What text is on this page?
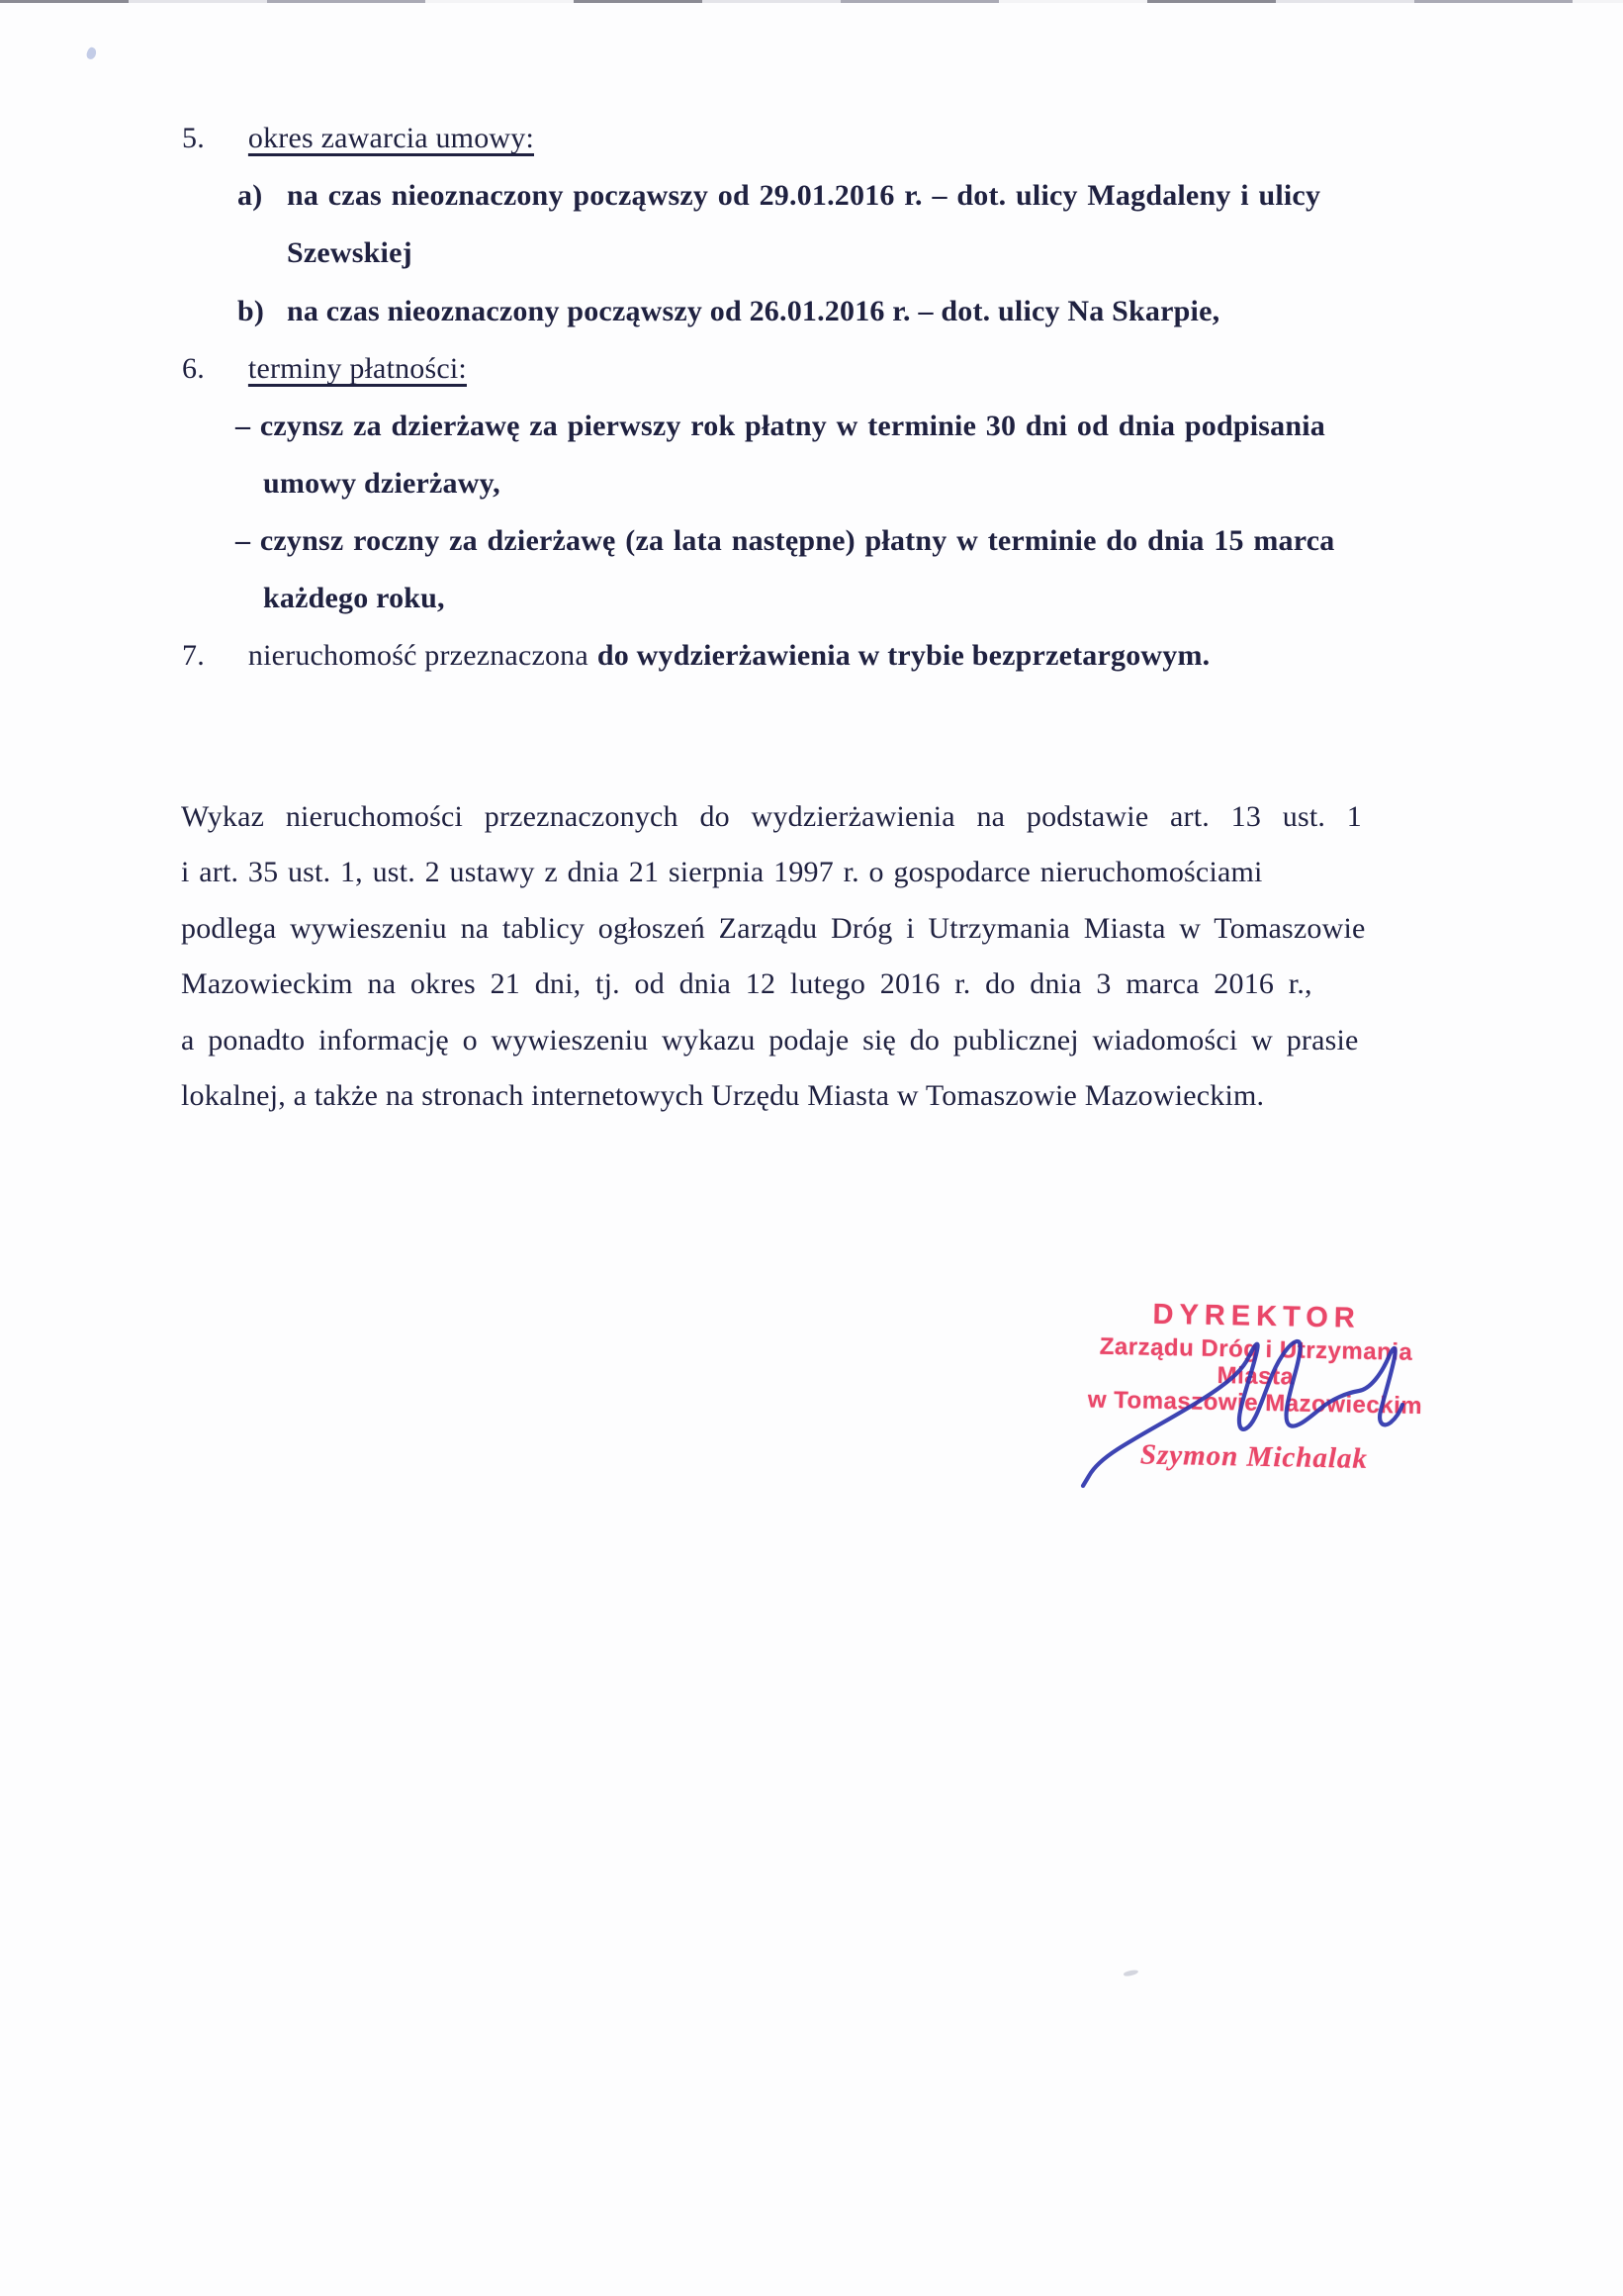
5. okres zawarcia umowy:
a) na czas nieoznaczony począwszy od 29.01.2016 r. – dot. ulicy Magdaleny i ulicy
Szewskiej
b) na czas nieoznaczony począwszy od 26.01.2016 r. – dot. ulicy Na Skarpie,
6. terminy płatności:
– czynsz za dzierżawę za pierwszy rok płatny w terminie 30 dni od dnia podpisania
umowy dzierżawy,
– czynsz roczny za dzierżawę (za lata następne) płatny w terminie do dnia 15 marca
każdego roku,
7. nieruchomość przeznaczona do wydzierżawienia w trybie bezprzetargowym.
Wykaz nieruchomości przeznaczonych do wydzierżawienia na podstawie art. 13 ust. 1
i art. 35 ust. 1, ust. 2 ustawy z dnia 21 sierpnia 1997 r. o gospodarce nieruchomościami
podlega wywieszeniu na tablicy ogłoszeń Zarządu Dróg i Utrzymania Miasta w Tomaszowie
Mazowieckim na okres 21 dni, tj. od dnia 12 lutego 2016 r. do dnia 3 marca 2016 r.,
a ponadto informację o wywieszeniu wykazu podaje się do publicznej wiadomości w prasie
lokalnej, a także na stronach internetowych Urzędu Miasta w Tomaszowie Mazowieckim.
DYREKTOR
Zarządu Dróg i Utrzymania Miasta
w Tomaszowie Mazowieckim
Szymon Michalak
